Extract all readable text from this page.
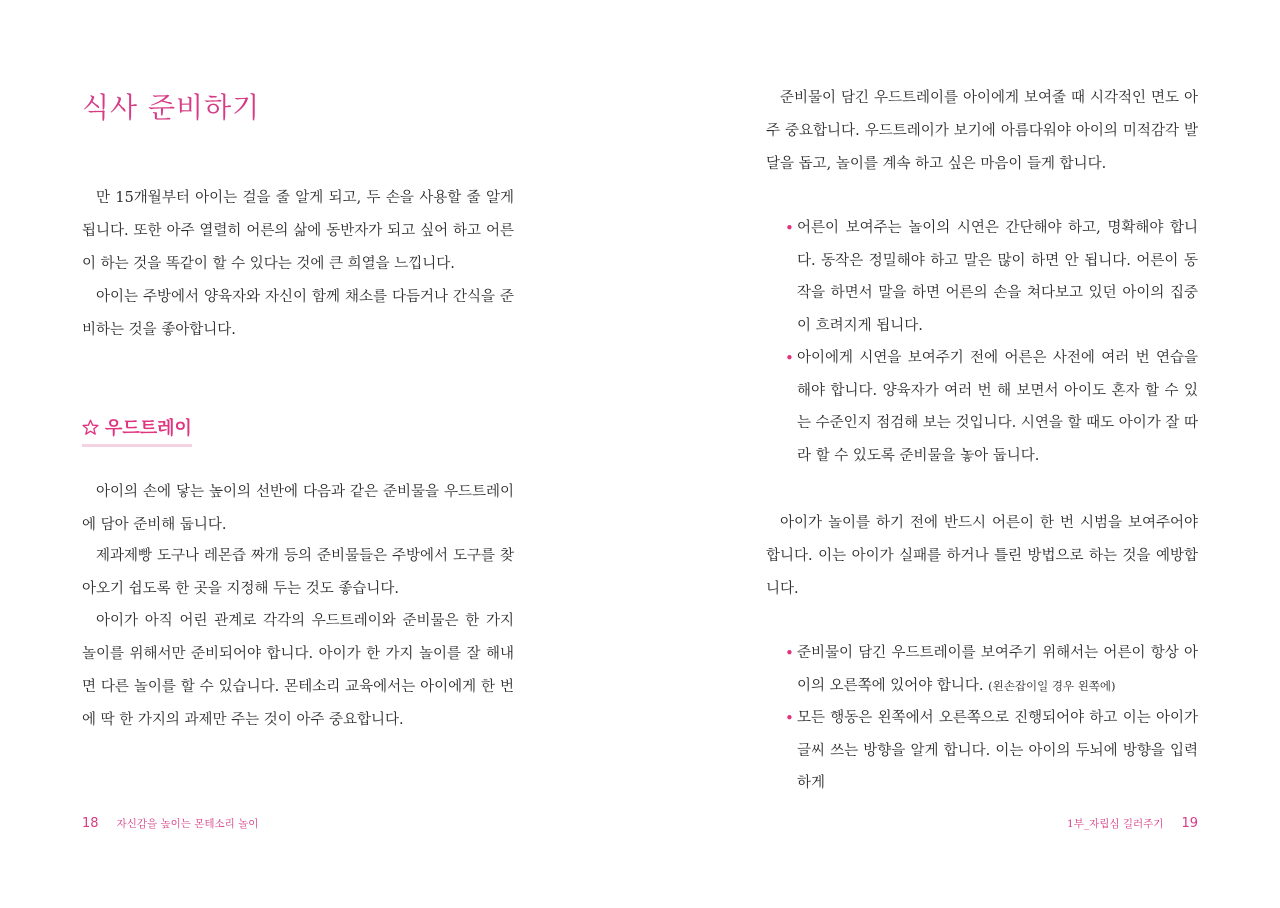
식사 준비하기

만 15개월부터 아이는 걸을 줄 알게 되고, 두 손을 사용할 줄 알게 됩니다. 또한 아주 열렬히 어른의 삶에 동반자가 되고 싶어 하고 어른이 하는 것을 똑같이 할 수 있다는 것에 큰 희열을 느낍니다.

아이는 주방에서 양육자와 자신이 함께 채소를 다듬거나 간식을 준비하는 것을 좋아합니다.

우드트레이

아이의 손에 닿는 높이의 선반에 다음과 같은 준비물을 우드트레이에 담아 준비해 둡니다.

제과제빵 도구나 레몬즙 짜개 등의 준비물들은 주방에서 도구를 찾아오기 쉽도록 한 곳을 지정해 두는 것도 좋습니다.

아이가 아직 어린 관계로 각각의 우드트레이와 준비물은 한 가지 놀이를 위해서만 준비되어야 합니다. 아이가 한 가지 놀이를 잘 해내면 다른 놀이를 할 수 있습니다. 몬테소리 교육에서는 아이에게 한 번에 딱 한 가지의 과제만 주는 것이 아주 중요합니다.

18 자신감을 높이는 몬테소리 놀이

준비물이 담긴 우드트레이를 아이에게 보여줄 때 시각적인 면도 아주 중요합니다. 우드트레이가 보기에 아름다워야 아이의 미적감각 발달을 돕고, 놀이를 계속 하고 싶은 마음이 들게 합니다.

• 어른이 보여주는 놀이의 시연은 간단해야 하고, 명확해야 합니다. 동작은 정밀해야 하고 말은 많이 하면 안 됩니다. 어른이 동작을 하면서 말을 하면 어른의 손을 쳐다보고 있던 아이의 집중이 흐려지게 됩니다.
• 아이에게 시연을 보여주기 전에 어른은 사전에 여러 번 연습을 해야 합니다. 양육자가 여러 번 해 보면서 아이도 혼자 할 수 있는 수준인지 점검해 보는 것입니다. 시연을 할 때도 아이가 잘 따라 할 수 있도록 준비물을 놓아 둡니다.

아이가 놀이를 하기 전에 반드시 어른이 한 번 시범을 보여주어야 합니다. 이는 아이가 실패를 하거나 틀린 방법으로 하는 것을 예방합니다.

• 준비물이 담긴 우드트레이를 보여주기 위해서는 어른이 항상 아이의 오른쪽에 있어야 합니다. (왼손잡이일 경우 왼쪽에)
• 모든 행동은 왼쪽에서 오른쪽으로 진행되어야 하고 이는 아이가 글씨 쓰는 방향을 알게 합니다. 이는 아이의 두뇌에 방향을 입력하게
1부_자립심 길러주기 19
